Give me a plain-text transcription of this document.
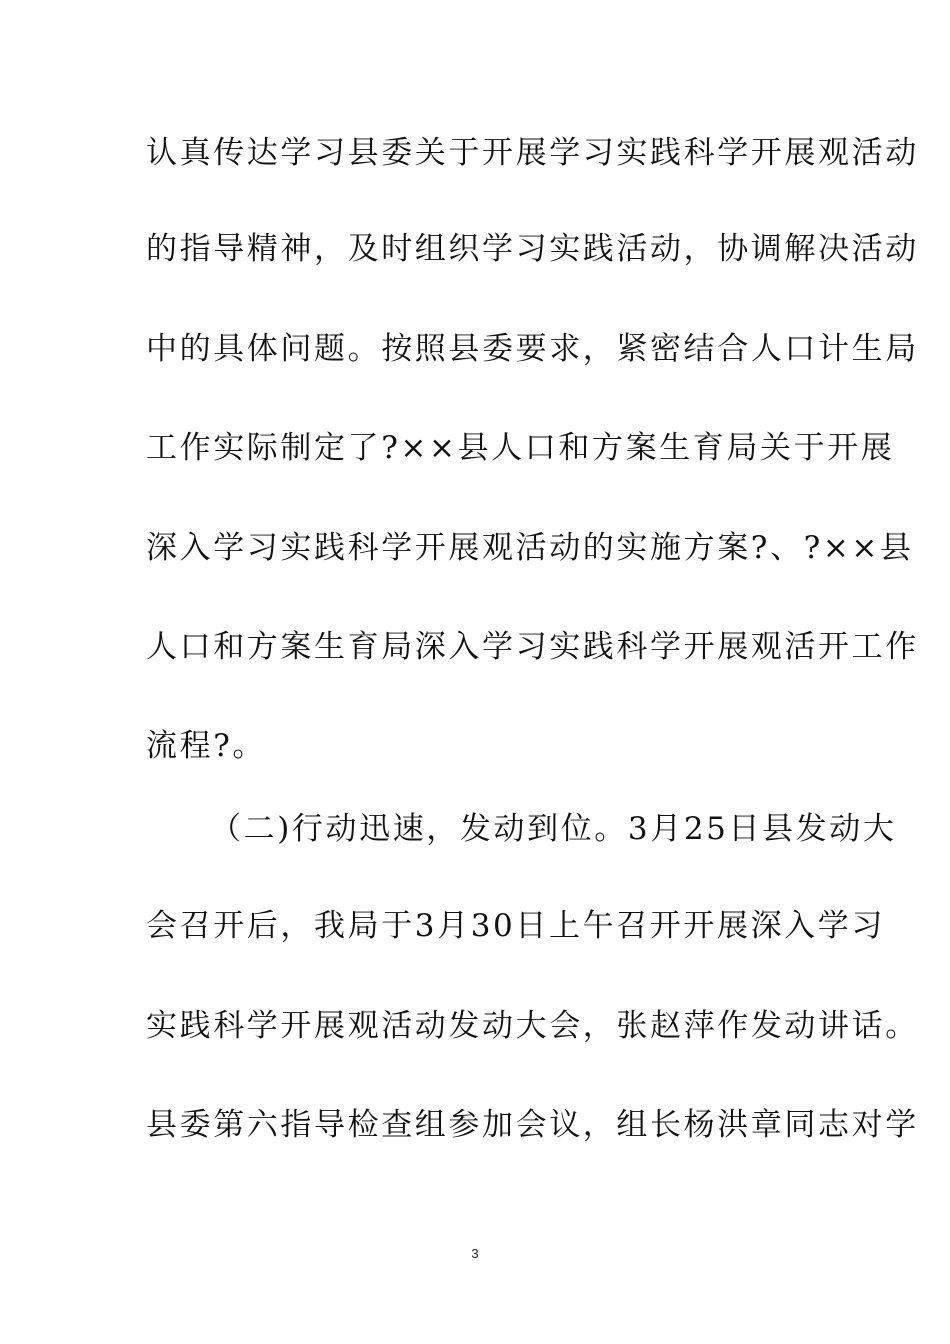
认真传达学习县委关于开展学习实践科学开展观活动
的指导精神，及时组织学习实践活动，协调解决活动
中的具体问题。按照县委要求，紧密结合人口计生局
工作实际制定了?××县人口和方案生育局关于开展
深入学习实践科学开展观活动的实施方案?、?××县
人口和方案生育局深入学习实践科学开展观活开工作
流程?。
（二)行动迅速，发动到位。3月25日县发动大
会召开后，我局于3月30日上午召开开展深入学习
实践科学开展观活动发动大会，张赵萍作发动讲话。
县委第六指导检查组参加会议，组长杨洪章同志对学
3
